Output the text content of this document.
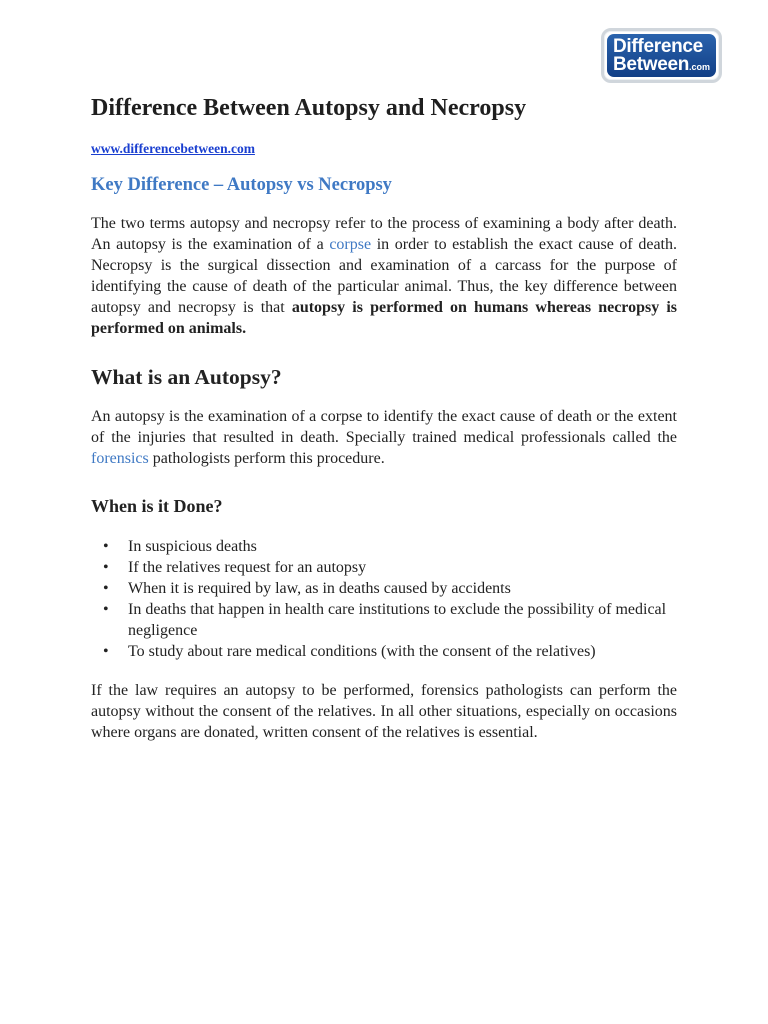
Difference
Between.com
Difference Between Autopsy and Necropsy
www.differencebetween.com
Key Difference – Autopsy vs Necropsy

The two terms autopsy and necropsy refer to the process of examining a body after death. An autopsy is the examination of a corpse in order to establish the exact cause of death. Necropsy is the surgical dissection and examination of a carcass for the purpose of identifying the cause of death of the particular animal. Thus, the key difference between autopsy and necropsy is that autopsy is performed on humans whereas necropsy is performed on animals.

What is an Autopsy?

An autopsy is the examination of a corpse to identify the exact cause of death or the extent of the injuries that resulted in death. Specially trained medical professionals called the forensics pathologists perform this procedure.

When is it Done?
• In suspicious deaths
• If the relatives request for an autopsy
• When it is required by law, as in deaths caused by accidents
• In deaths that happen in health care institutions to exclude the possibility of medical negligence
• To study about rare medical conditions (with the consent of the relatives)

If the law requires an autopsy to be performed, forensics pathologists can perform the autopsy without the consent of the relatives. In all other situations, especially on occasions where organs are donated, written consent of the relatives is essential.
